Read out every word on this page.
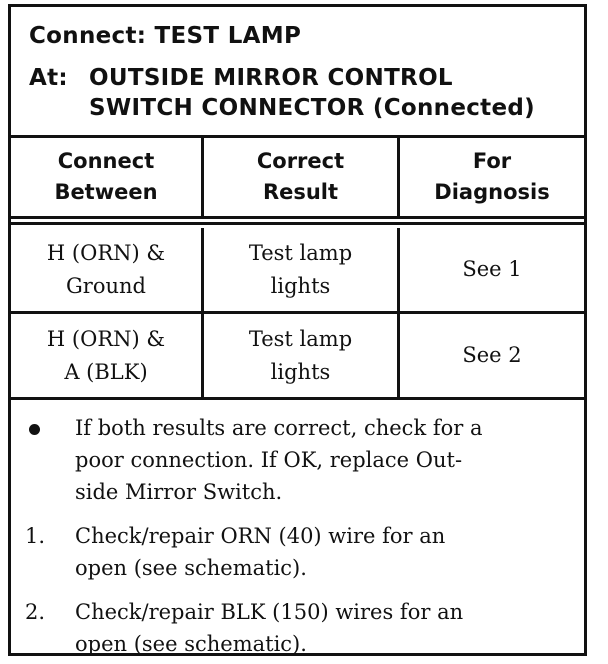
Connect: TEST LAMP
At: OUTSIDE MIRROR CONTROL
SWITCH CONNECTOR (Connected)
Connect
Between
Correct
Result
For
Diagnosis
H (ORN) &
Ground
Test lamp
lights
See 1
H (ORN) &
A (BLK)
Test lamp
lights
See 2
If both results are correct, check for a
poor connection. If OK, replace Out-
side Mirror Switch.
1.	Check/repair ORN (40) wire for an
open (see schematic).
2.	Check/repair BLK (150) wires for an
open (see schematic).
